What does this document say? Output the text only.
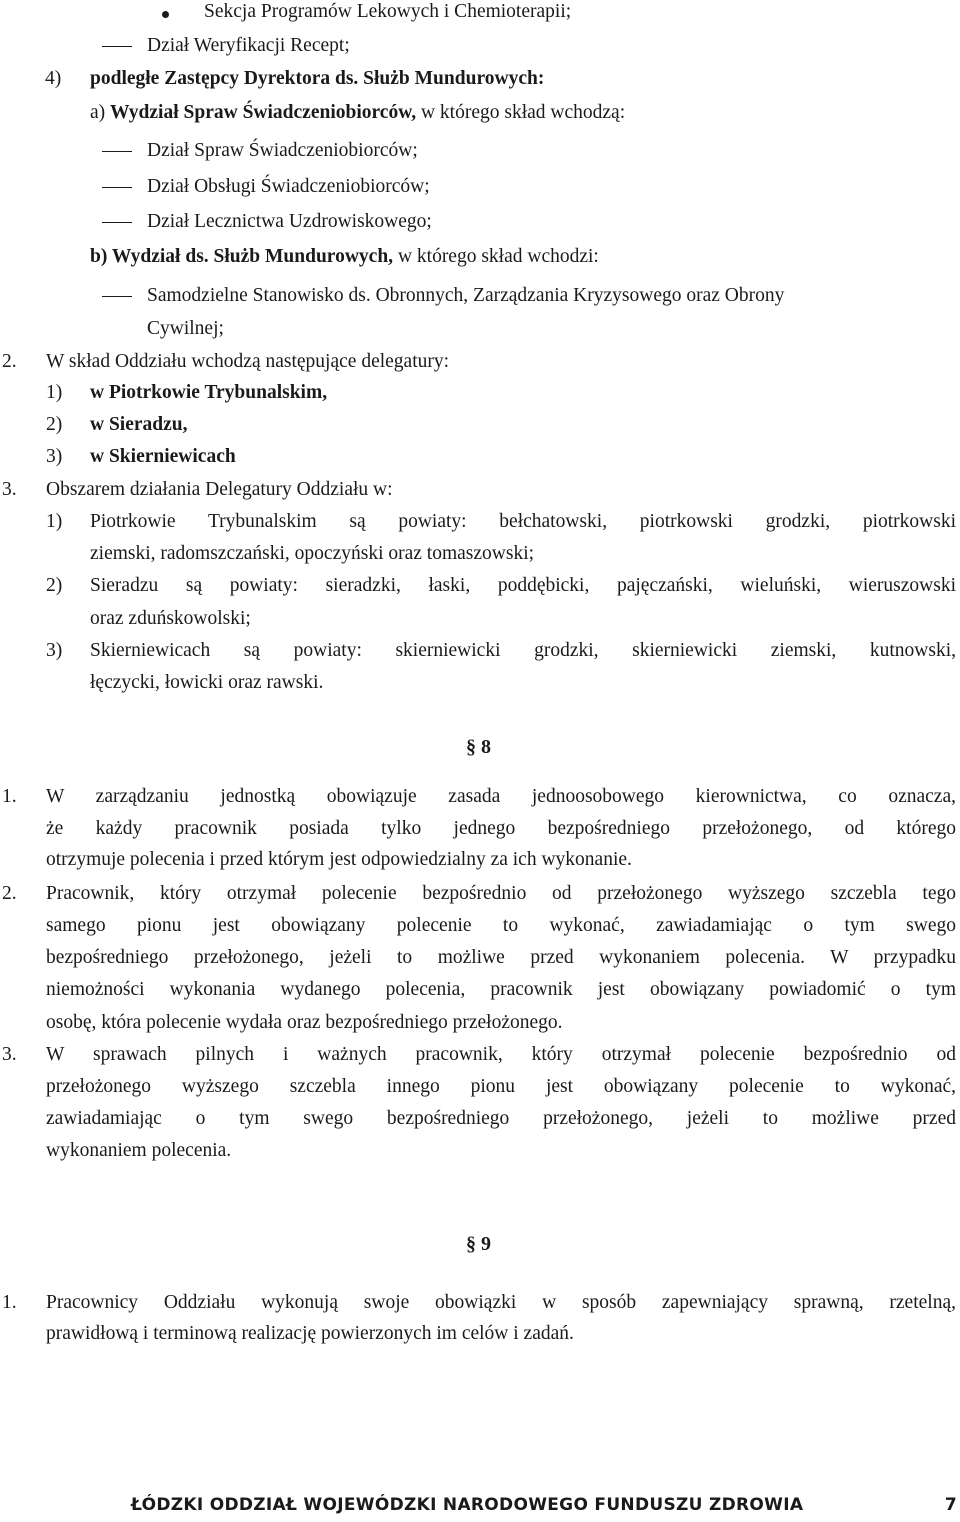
Sekcja Programów Lekowych i Chemioterapii;
Dział Weryfikacji Recept;
4) podległe Zastępcy Dyrektora ds. Służb Mundurowych:
a) Wydział Spraw Świadczeniobiorców, w którego skład wchodzą:
Dział Spraw Świadczeniobiorców;
Dział Obsługi Świadczeniobiorców;
Dział Lecznictwa Uzdrowiskowego;
b) Wydział ds. Służb Mundurowych, w którego skład wchodzi:
Samodzielne Stanowisko ds. Obronnych, Zarządzania Kryzysowego oraz Obrony
Cywilnej;
2. W skład Oddziału wchodzą następujące delegatury:
1) w Piotrkowie Trybunalskim,
2) w Sieradzu,
3) w Skierniewicach
3. Obszarem działania Delegatury Oddziału w:
1) Piotrkowie Trybunalskim są powiaty: bełchatowski, piotrkowski grodzki, piotrkowski
ziemski, radomszczański, opoczyński oraz tomaszowski;
2) Sieradzu są powiaty: sieradzki, łaski, poddębicki, pajęczański, wieluński, wieruszowski
oraz zduńskowolski;
3) Skierniewicach są powiaty: skierniewicki grodzki, skierniewicki ziemski, kutnowski,
łęczycki, łowicki oraz rawski.
§ 8
1. W zarządzaniu jednostką obowiązuje zasada jednoosobowego kierownictwa, co oznacza,
że każdy pracownik posiada tylko jednego bezpośredniego przełożonego, od którego
otrzymuje polecenia i przed którym jest odpowiedzialny za ich wykonanie.
2. Pracownik, który otrzymał polecenie bezpośrednio od przełożonego wyższego szczebla tego
samego pionu jest obowiązany polecenie to wykonać, zawiadamiając o tym swego
bezpośredniego przełożonego, jeżeli to możliwe przed wykonaniem polecenia. W przypadku
niemożności wykonania wydanego polecenia, pracownik jest obowiązany powiadomić o tym
osobę, która polecenie wydała oraz bezpośredniego przełożonego.
3. W sprawach pilnych i ważnych pracownik, który otrzymał polecenie bezpośrednio od
przełożonego wyższego szczebla innego pionu jest obowiązany polecenie to wykonać,
zawiadamiając o tym swego bezpośredniego przełożonego, jeżeli to możliwe przed
wykonaniem polecenia.
§ 9
1. Pracownicy Oddziału wykonują swoje obowiązki w sposób zapewniający sprawną, rzetelną,
prawidłową i terminową realizację powierzonych im celów i zadań.
ŁÓDZKI ODDZIAŁ WOJEWÓDZKI NARODOWEGO FUNDUSZU ZDROWIA	7
